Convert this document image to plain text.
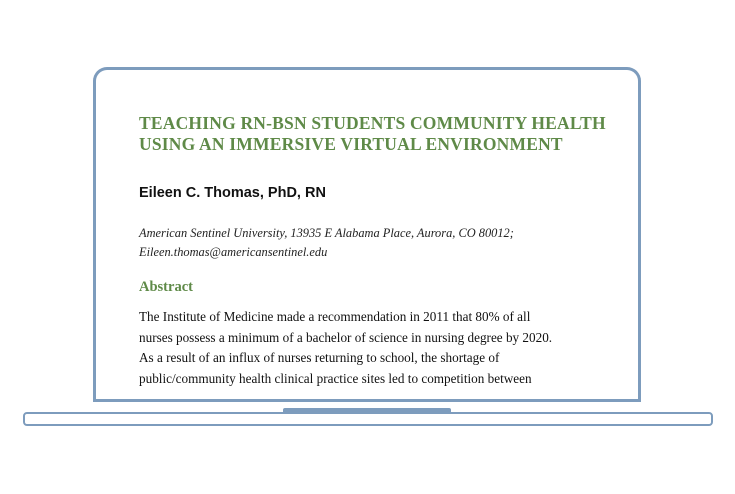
TEACHING RN-BSN STUDENTS COMMUNITY HEALTH
USING AN IMMERSIVE VIRTUAL ENVIRONMENT

Eileen C. Thomas, PhD, RN

American Sentinel University, 13935 E Alabama Place, Aurora, CO 80012;
Eileen.thomas@americansentinel.edu
Abstract
The Institute of Medicine made a recommendation in 2011 that 80% of all
nurses possess a minimum of a bachelor of science in nursing degree by 2020.
As a result of an influx of nurses returning to school, the shortage of
public/community health clinical practice sites led to competition between
